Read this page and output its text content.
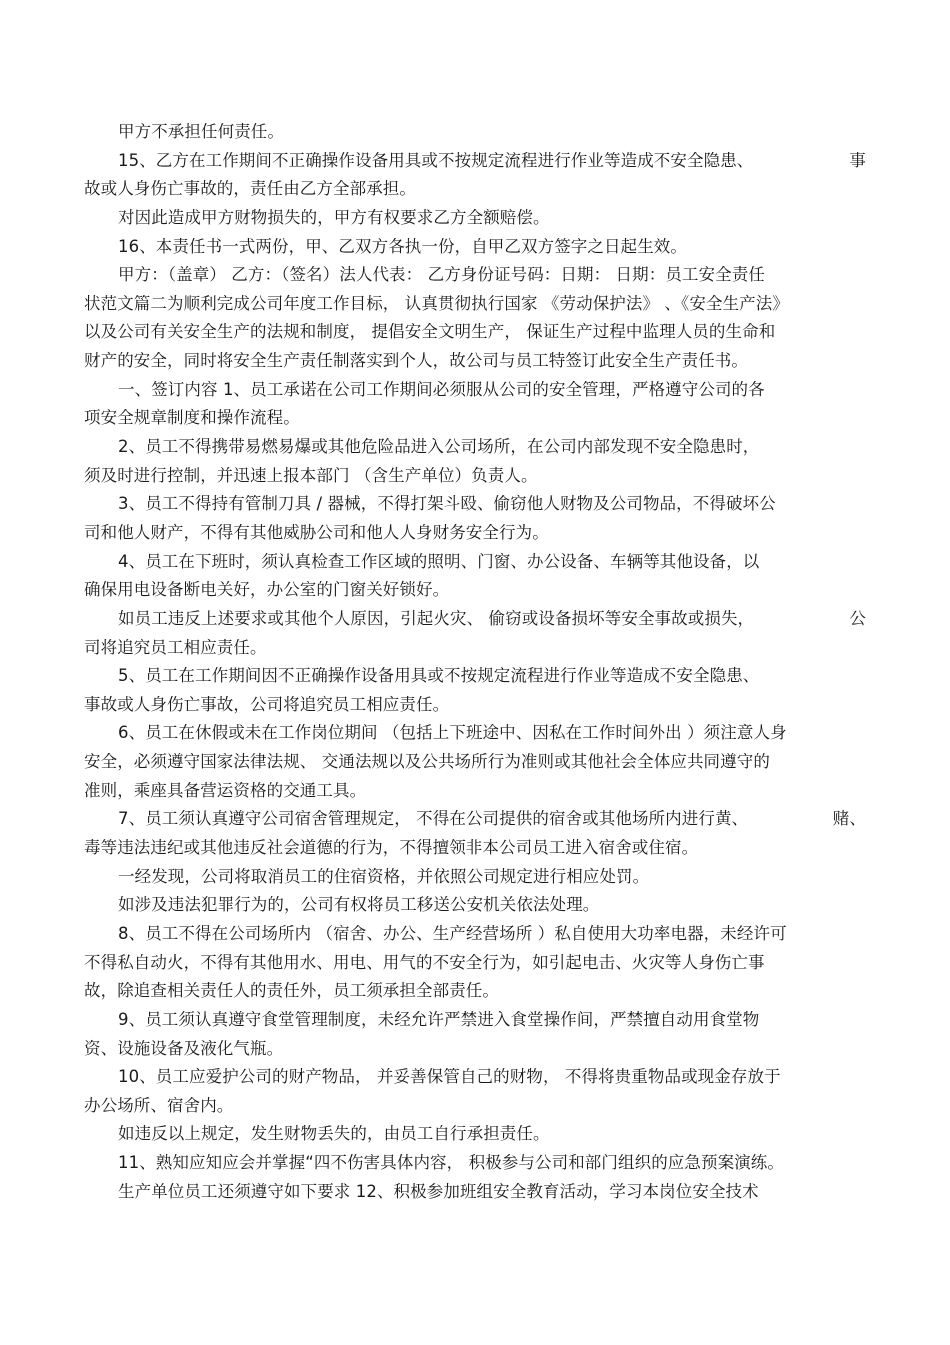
甲方不承担任何责任。
15、乙方在工作期间不正确操作设备用具或不按规定流程进行作业等造成不安全隐患、	事
故或人身伤亡事故的，责任由乙方全部承担。
对因此造成甲方财物损失的，甲方有权要求乙方全额赔偿。
16、本责任书一式两份，甲、乙双方各执一份，自甲乙双方签字之日起生效。
甲方：（盖章） 乙方：（签名）法人代表： 乙方身份证号码：日期： 日期：员工安全责任
状范文篇二为顺利完成公司年度工作目标， 认真贯彻执行国家 《劳动保护法》 、《安全生产法》
以及公司有关安全生产的法规和制度， 提倡安全文明生产， 保证生产过程中监理人员的生命和
财产的安全，同时将安全生产责任制落实到个人，故公司与员工特签订此安全生产责任书。
一、签订内容 1、员工承诺在公司工作期间必须服从公司的安全管理，严格遵守公司的各
项安全规章制度和操作流程。
2、员工不得携带易燃易爆或其他危险品进入公司场所，在公司内部发现不安全隐患时，
须及时进行控制，并迅速上报本部门 （含生产单位）负责人。
3、员工不得持有管制刀具 / 器械，不得打架斗殴、偷窃他人财物及公司物品，不得破坏公
司和他人财产，不得有其他威胁公司和他人人身财务安全行为。
4、员工在下班时，须认真检查工作区域的照明、门窗、办公设备、车辆等其他设备，以
确保用电设备断电关好，办公室的门窗关好锁好。
如员工违反上述要求或其他个人原因，引起火灾、 偷窃或设备损坏等安全事故或损失，	公
司将追究员工相应责任。
5、员工在工作期间因不正确操作设备用具或不按规定流程进行作业等造成不安全隐患、
事故或人身伤亡事故，公司将追究员工相应责任。
6、员工在休假或未在工作岗位期间 （包括上下班途中、因私在工作时间外出 ）须注意人身
安全，必须遵守国家法律法规、 交通法规以及公共场所行为准则或其他社会全体应共同遵守的
准则，乘座具备营运资格的交通工具。
7、员工须认真遵守公司宿舍管理规定， 不得在公司提供的宿舍或其他场所内进行黄、	赌、
毒等违法违纪或其他违反社会道德的行为，不得擅领非本公司员工进入宿舍或住宿。
一经发现，公司将取消员工的住宿资格，并依照公司规定进行相应处罚。
如涉及违法犯罪行为的，公司有权将员工移送公安机关依法处理。
8、员工不得在公司场所内 （宿舍、办公、生产经营场所 ）私自使用大功率电器，未经许可
不得私自动火，不得有其他用水、用电、用气的不安全行为，如引起电击、火灾等人身伤亡事
故，除追查相关责任人的责任外，员工须承担全部责任。
9、员工须认真遵守食堂管理制度，未经允许严禁进入食堂操作间，严禁擅自动用食堂物
资、设施设备及液化气瓶。
10、员工应爱护公司的财产物品， 并妥善保管自己的财物， 不得将贵重物品或现金存放于
办公场所、宿舍内。
如违反以上规定，发生财物丢失的，由员工自行承担责任。
11、熟知应知应会并掌握“四不伤害具体内容， 积极参与公司和部门组织的应急预案演练。
生产单位员工还须遵守如下要求 12、积极参加班组安全教育活动，学习本岗位安全技术
